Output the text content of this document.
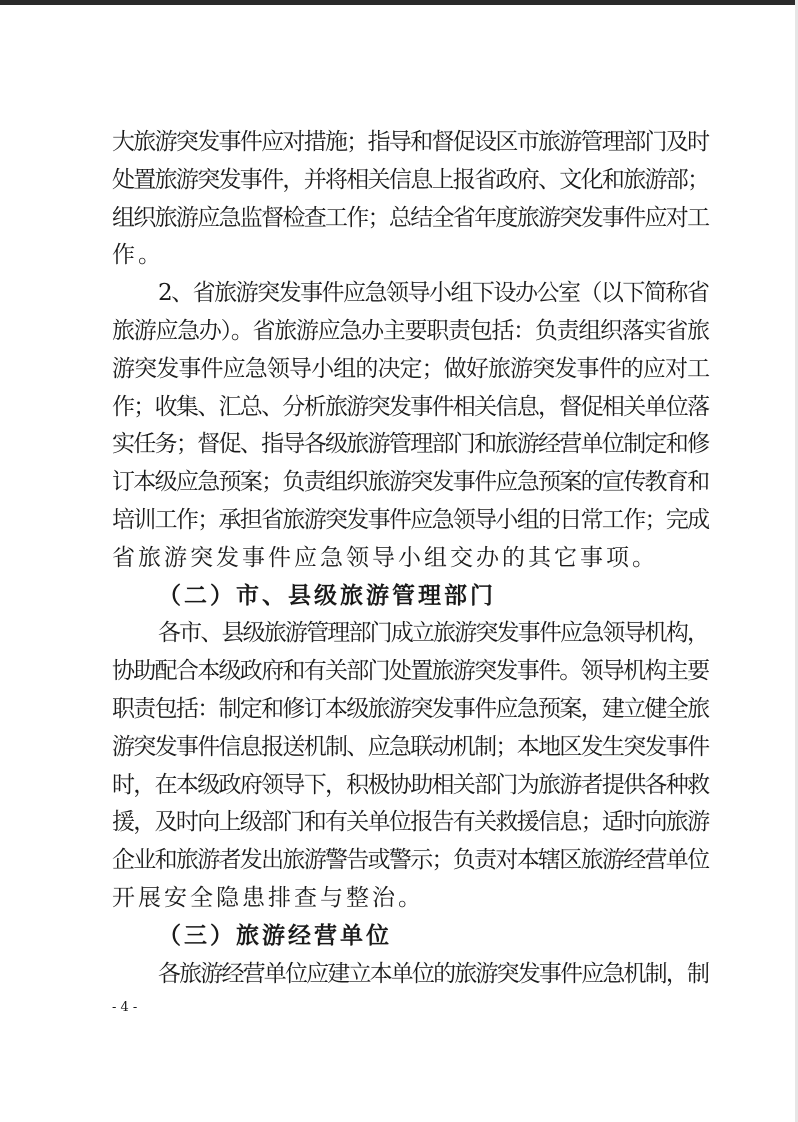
大旅游突发事件应对措施；指导和督促设区市旅游管理部门及时
处置旅游突发事件，并将相关信息上报省政府、文化和旅游部；
组织旅游应急监督检查工作；总结全省年度旅游突发事件应对工
作。
2、省旅游突发事件应急领导小组下设办公室（以下简称省
旅游应急办）。省旅游应急办主要职责包括：负责组织落实省旅
游突发事件应急领导小组的决定；做好旅游突发事件的应对工
作；收集、汇总、分析旅游突发事件相关信息，督促相关单位落
实任务；督促、指导各级旅游管理部门和旅游经营单位制定和修
订本级应急预案；负责组织旅游突发事件应急预案的宣传教育和
培训工作；承担省旅游突发事件应急领导小组的日常工作；完成
省旅游突发事件应急领导小组交办的其它事项。
（二）市、县级旅游管理部门
各市、县级旅游管理部门成立旅游突发事件应急领导机构，
协助配合本级政府和有关部门处置旅游突发事件。领导机构主要
职责包括：制定和修订本级旅游突发事件应急预案，建立健全旅
游突发事件信息报送机制、应急联动机制；本地区发生突发事件
时，在本级政府领导下，积极协助相关部门为旅游者提供各种救
援，及时向上级部门和有关单位报告有关救援信息；适时向旅游
企业和旅游者发出旅游警告或警示；负责对本辖区旅游经营单位
开展安全隐患排查与整治。
（三）旅游经营单位
各旅游经营单位应建立本单位的旅游突发事件应急机制，制
- 4 -
